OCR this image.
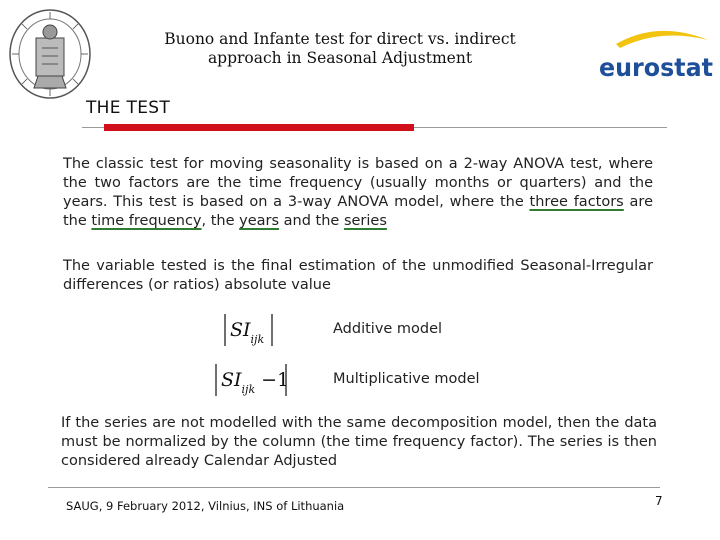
Buono and Infante test for direct vs. indirect
approach in Seasonal Adjustment	eurostat
THE TEST
The classic test for moving seasonality is based on a 2-way ANOVA test, where the two factors are the time frequency (usually months or quarters) and the years. This test is based on a 3-way ANOVA model, where the three factors are the time frequency, the years and the series
The variable tested is the final estimation of the unmodified Seasonal-Irregular differences (or ratios) absolute value
$SI_{ijk}$
Additive model
$SI_{ijk} -1$	Multiplicative model
If the series are not modelled with the same decomposition model, then the data must be normalized by the column (the time frequency factor). The series is then considered already Calendar Adjusted
SAUG, 9 February 2012, Vilnius, INS of Lithuania	7
